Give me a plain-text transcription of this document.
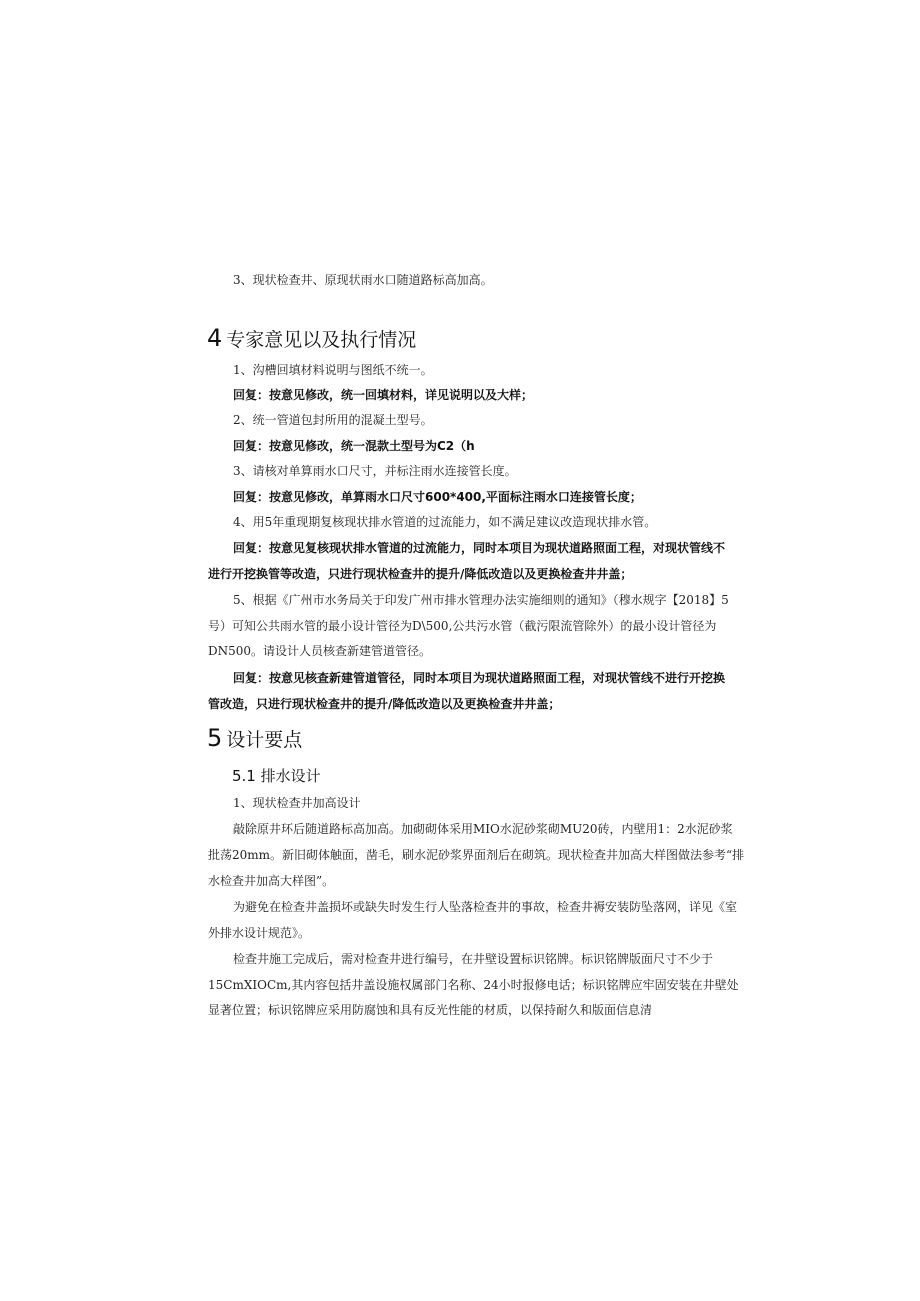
3、现状检查井、原现状雨水口随道路标高加高。
4 专家意见以及执行情况
1、沟槽回填材料说明与图纸不统一。
回复：按意见修改，统一回填材料，详见说明以及大样；
2、统一管道包封所用的混凝土型号。
回复：按意见修改，统一混款土型号为C2（h
3、请核对单算雨水口尺寸，并标注雨水连接管长度。
回复：按意见修改，单算雨水口尺寸600*400,平面标注雨水口连接管长度；
4、用5年重现期复核现状排水管道的过流能力，如不满足建议改造现状排水管。
回复：按意见复核现状排水管道的过流能力，同时本项目为现状道路照面工程，对现状管线不
进行开挖换管等改造，只进行现状检查井的提升/降低改造以及更换检查井井盖；
5、根据《广州市水务局关于印发广州市排水管理办法实施细则的通知》（穆水规字【2018】5
号）可知公共雨水管的最小设计管径为D\500,公共污水管（截污限流管除外）的最小设计管径为
DN500。请设计人员核查新建管道管径。
回复：按意见核查新建管道管径，同时本项目为现状道路照面工程，对现状管线不进行开挖换
管改造，只进行现状检查井的提升/降低改造以及更换检查井井盖；
5 设计要点
5.1 排水设计
1、现状检查井加高设计
敲除原井环后随道路标高加高。加砌砌体采用MIO水泥砂浆砌MU20砖，内壁用1：2水泥砂浆
批荡20mm。新旧砌体触面，凿毛，刷水泥砂浆界面剂后在砌筑。现状检查井加高大样图做法参考“排
水检查井加高大样图”。
为避免在检查井盖损坏或缺失时发生行人坠落检查井的事故，检查井褥安装防坠落网，详见《室
外排水设计规范》。
检查井施工完成后，需对检查井进行编号，在井壁设置标识铭牌。标识铭牌版面尺寸不少于
15CmXIOCm,其内容包括井盖设施权属部门名称、24小时报修电话；标识铭牌应牢固安装在井壁处
显著位置；标识铭牌应采用防腐蚀和具有反光性能的材质，以保持耐久和版面信息清
